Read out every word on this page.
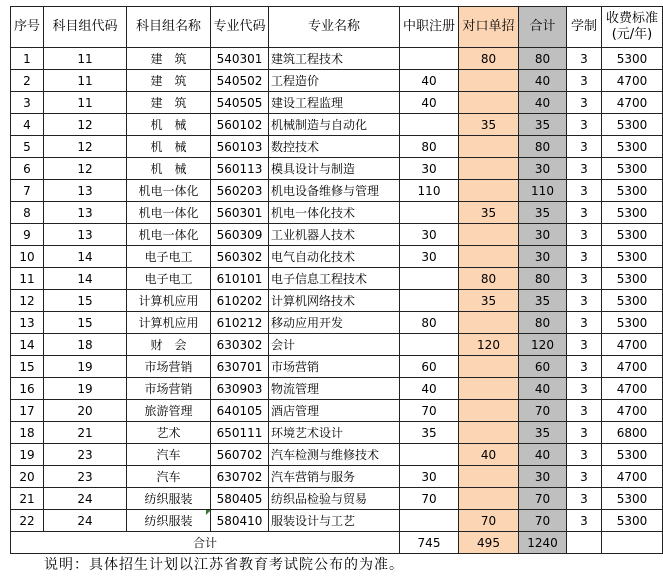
序号	科目组代码	科目组名称	专业代码	专业名称	中职注册	对口单招	合计	学制	收费标准
(元/年)
1	11	建　筑	540301	建筑工程技术		80	80	3	5300
2	11	建　筑	540502	工程造价	40		40	3	4700
3	11	建　筑	540505	建设工程监理	40		40	3	4700
4	12	机　械	560102	机械制造与自动化		35	35	3	5300
5	12	机　械	560103	数控技术	80		80	3	5300
6	12	机　械	560113	模具设计与制造	30		30	3	5300
7	13	机电一体化	560203	机电设备维修与管理	110		110	3	5300
8	13	机电一体化	560301	机电一体化技术		35	35	3	5300
9	13	机电一体化	560309	工业机器人技术	30		30	3	5300
10	14	电子电工	560302	电气自动化技术	30		30	3	5300
11	14	电子电工	610101	电子信息工程技术		80	80	3	5300
12	15	计算机应用	610202	计算机网络技术		35	35	3	5300
13	15	计算机应用	610212	移动应用开发	80		80	3	5300
14	18	财　会	630302	会计		120	120	3	4700
15	19	市场营销	630701	市场营销	60		60	3	4700
16	19	市场营销	630903	物流管理	40		40	3	4700
17	20	旅游管理	640105	酒店管理	70		70	3	4700
18	21	艺术	650111	环境艺术设计	35		35	3	6800
19	23	汽车	560702	汽车检测与维修技术		40	40	3	5300
20	23	汽车	630702	汽车营销与服务	30		30	3	4700
21	24	纺织服装	580405	纺织品检验与贸易	70		70	3	5300
22	24	纺织服装	580410	服装设计与工艺		70	70	3	5300
合计					745	495	1240		
说明：具体招生计划以江苏省教育考试院公布的为准。
